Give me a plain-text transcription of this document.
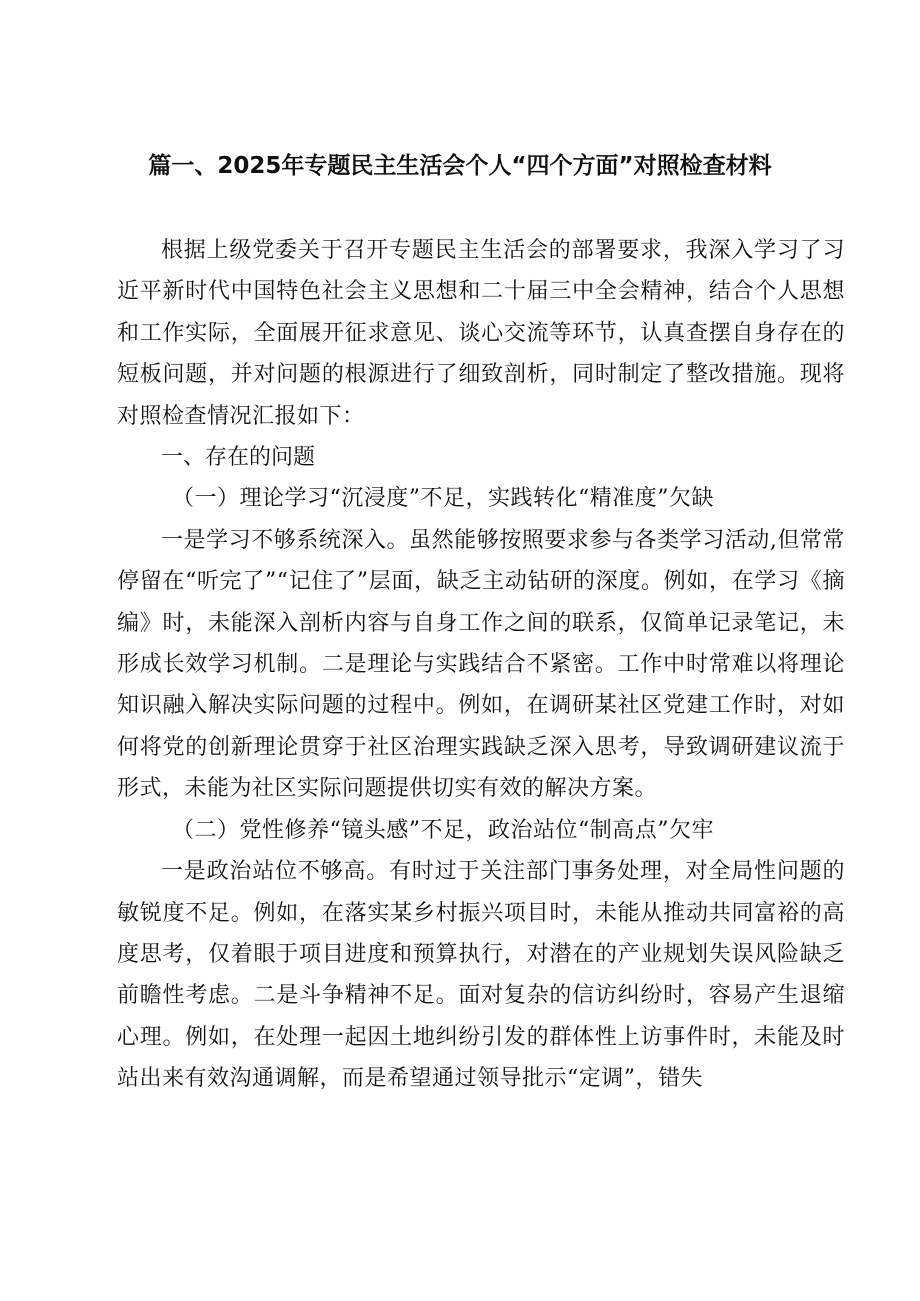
篇一、2025年专题民主生活会个人“四个方面”对照检查材料

根据上级党委关于召开专题民主生活会的部署要求，我深入学习了习近平新时代中国特色社会主义思想和二十届三中全会精神，结合个人思想和工作实际，全面展开征求意见、谈心交流等环节，认真查摆自身存在的短板问题，并对问题的根源进行了细致剖析，同时制定了整改措施。现将对照检查情况汇报如下：

一、存在的问题

（一）理论学习“沉浸度”不足，实践转化“精准度”欠缺

一是学习不够系统深入。虽然能够按照要求参与各类学习活动,但常常停留在“听完了”“记住了”层面，缺乏主动钻研的深度。例如，在学习《摘编》时，未能深入剖析内容与自身工作之间的联系，仅简单记录笔记，未形成长效学习机制。二是理论与实践结合不紧密。工作中时常难以将理论知识融入解决实际问题的过程中。例如，在调研某社区党建工作时，对如何将党的创新理论贯穿于社区治理实践缺乏深入思考，导致调研建议流于形式，未能为社区实际问题提供切实有效的解决方案。

（二）党性修养“镜头感”不足，政治站位“制高点”欠牢

一是政治站位不够高。有时过于关注部门事务处理，对全局性问题的敏锐度不足。例如，在落实某乡村振兴项目时，未能从推动共同富裕的高度思考，仅着眼于项目进度和预算执行，对潜在的产业规划失误风险缺乏前瞻性考虑。二是斗争精神不足。面对复杂的信访纠纷时，容易产生退缩心理。例如，在处理一起因土地纠纷引发的群体性上访事件时，未能及时站出来有效沟通调解，而是希望通过领导批示“定调”，错失
